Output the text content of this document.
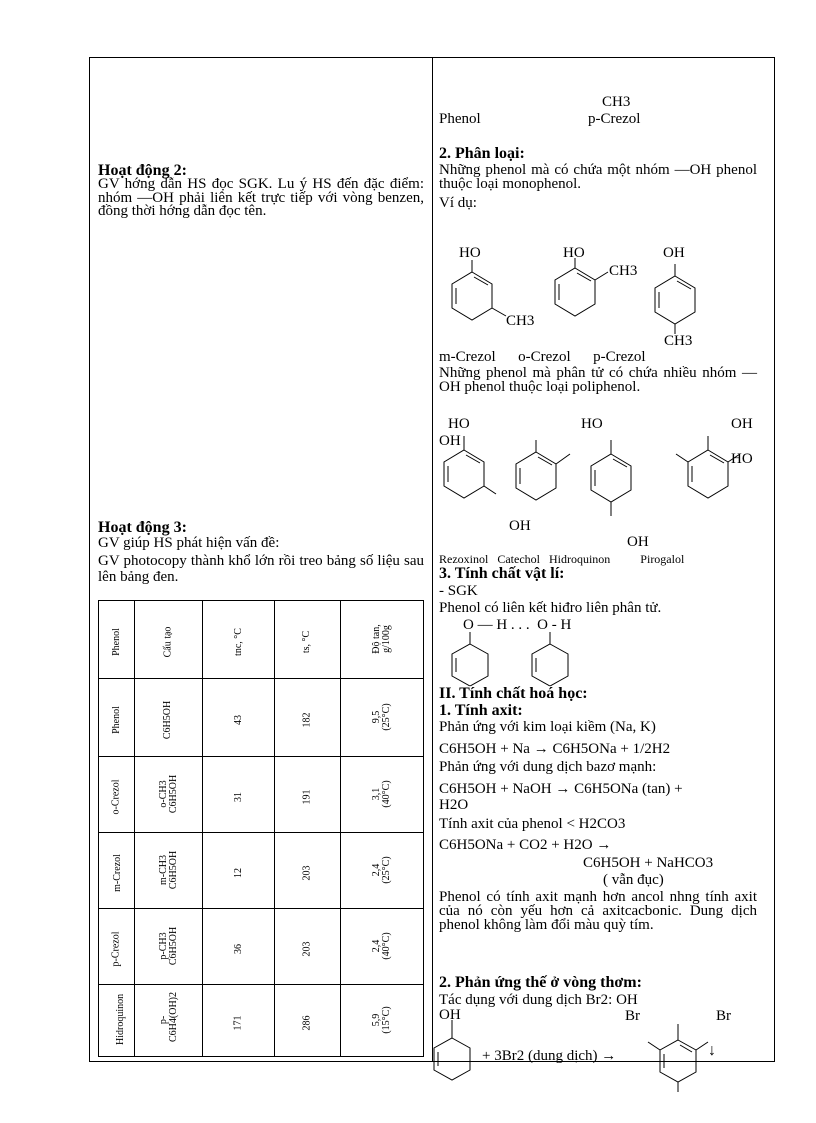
Hoạt động 2:
GV hớng dẫn HS đọc SGK. Lu ý HS đến đặc điểm: nhóm —OH phải liên kết trực tiếp với vòng benzen, đồng thời hớng dẫn đọc tên.
Hoạt động 3:
GV giúp HS phát hiện vấn đề:
GV photocopy thành khổ lớn rồi treo bảng số liệu sau lên bảng đen.
Phenol	Cấu tạo	tnc, °C	ts, °C	Độ tan, g/100g
Phenol	C6H5OH	43	182	9,5 (25°C)
o-Crezol	o-CH3 C6H5OH	31	191	3,1 (40°C)
m-Crezol	m-CH3 C6H5OH	12	203	2,4 (25°C)
p-Crezol	p-CH3 C6H5OH	36	203	2,4 (40°C)
Hidroquinon	p-C6H4(OH)2	171	286	5,9 (15°C)
CH3
Phenol	p-Crezol
2. Phân loại:
Những phenol mà có chứa một nhóm —OH phenol thuộc loại monophenol.
Ví dụ:
HO	HO	OH
CH3
CH3
CH3
m-Crezol      o-Crezol      p-Crezol
Những phenol mà phân tử có chứa nhiều nhóm —OH phenol thuộc loại poliphenol.
HO	HO	OH
OH
HO
OH
OH
Rezoxinol   Catechol   Hidroquinon          Pirogalol
3. Tính chất vật lí:
- SGK
Phenol có liên kết hiđro liên phân tử.
O — H . . .  O - H
II. Tính chất hoá học:
1. Tính axit:
Phản ứng với kim loại kiềm (Na, K)
C6H5OH + Na → C6H5ONa + 1/2H2
Phản ứng với dung dịch bazơ mạnh:
C6H5OH + NaOH → C6H5ONa (tan) +
H2O
Tính axit của phenol < H2CO3
C6H5ONa + CO2 + H2O →
C6H5OH + NaHCO3
( vẫn đục)
Phenol có tính axit mạnh hơn ancol nhng tính axit của nó còn yếu hơn cả axitcacbonic. Dung dịch phenol không làm đổi màu quỳ tím.
2. Phản ứng thế ở vòng thơm:
Tác dụng với dung dịch Br2: OH
OH	Br	Br
+ 3Br2 (dung dịch) →	↓
